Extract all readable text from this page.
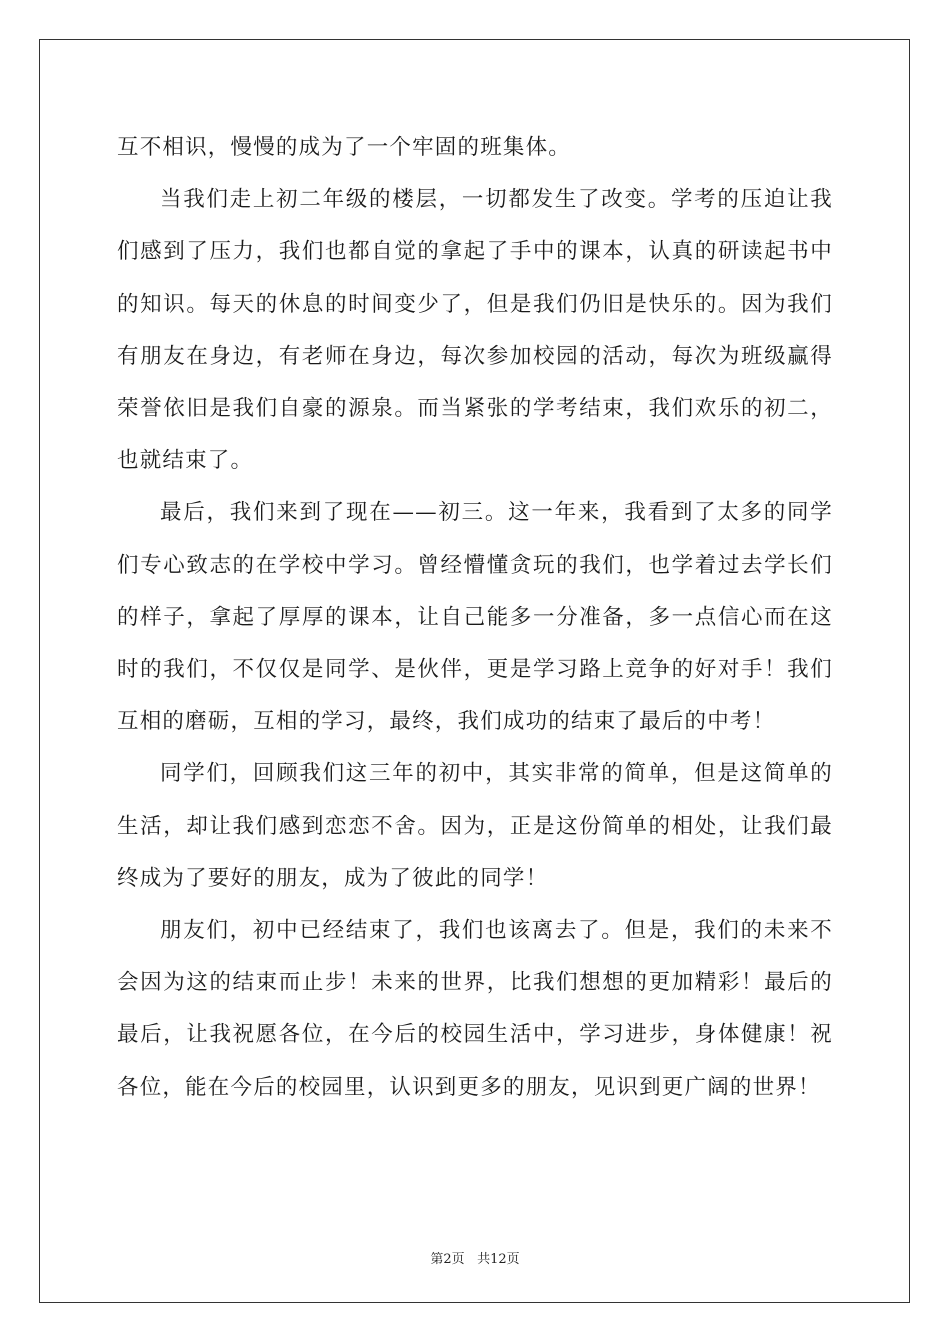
互不相识，慢慢的成为了一个牢固的班集体。

当我们走上初二年级的楼层，一切都发生了改变。学考的压迫让我们感到了压力，我们也都自觉的拿起了手中的课本，认真的研读起书中的知识。每天的休息的时间变少了，但是我们仍旧是快乐的。因为我们有朋友在身边，有老师在身边，每次参加校园的活动，每次为班级赢得荣誉依旧是我们自豪的源泉。而当紧张的学考结束，我们欢乐的初二，也就结束了。

最后，我们来到了现在——初三。这一年来，我看到了太多的同学们专心致志的在学校中学习。曾经懵懂贪玩的我们，也学着过去学长们的样子，拿起了厚厚的课本，让自己能多一分准备，多一点信心而在这时的我们，不仅仅是同学、是伙伴，更是学习路上竞争的好对手！我们互相的磨砺，互相的学习，最终，我们成功的结束了最后的中考！

同学们，回顾我们这三年的初中，其实非常的简单，但是这简单的生活，却让我们感到恋恋不舍。因为，正是这份简单的相处，让我们最终成为了要好的朋友，成为了彼此的同学！

朋友们，初中已经结束了，我们也该离去了。但是，我们的未来不会因为这的结束而止步！未来的世界，比我们想想的更加精彩！最后的最后，让我祝愿各位，在今后的校园生活中，学习进步，身体健康！祝各位，能在今后的校园里，认识到更多的朋友，见识到更广阔的世界！

第2页 共12页
